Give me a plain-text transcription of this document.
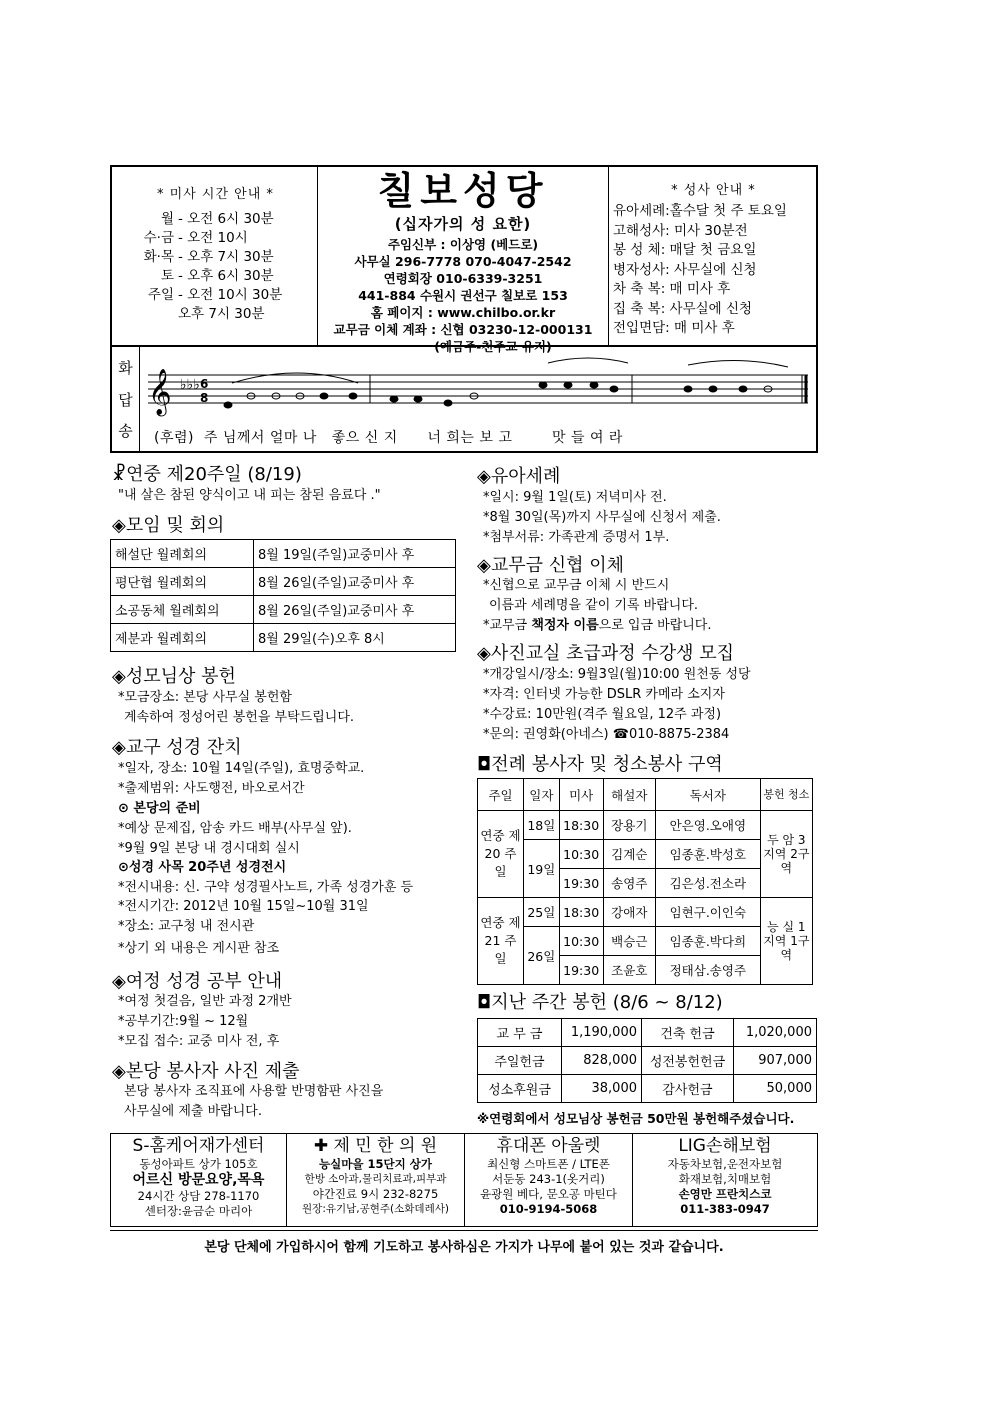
* 미사 시간 안내 *
월 - 오전 6시 30분
수·금 - 오전 10시
화·목 - 오후 7시 30분
토 - 오후 6시 30분
주일 - 오전 10시 30분
오후 7시 30분
칠보성당
(십자가의 성 요한)
주임신부 : 이상영 (베드로)
사무실 296-7778 070-4047-2542
연령회장 010-6339-3251
441-884 수원시 권선구 칠보로 153
홈 페이지 : www.chilbo.or.kr
교무금 이체 계좌 : 신협 03230-12-000131
(예금주-천주교 유지)
* 성사 안내 *
유아세례:홀수달 첫 주 토요일
고해성사: 미사 30분전
봉 성 체: 매달 첫 금요일
병자성사: 사무실에 신청
차 축 복: 매 미사 후
집 축 복: 사무실에 신청
전입면담: 매 미사 후
화
답
송
𝄞 ♭♭♭ 6
8
(후렴)  주 님께서 얼마 나   좋으 신 지      너 희는 보 고        맛 들 여 라
☧연중 제20주일 (8/19)
"내 살은 참된 양식이고 내 피는 참된 음료다 ."
◈모임 및 회의
해설단 월례회의	8월 19일(주일)교중미사 후
평단협 월례회의	8월 26일(주일)교중미사 후
소공동체 월례회의	8월 26일(주일)교중미사 후
제분과 월례회의	8월 29일(수)오후 8시
◈성모님상 봉헌
*모금장소: 본당 사무실 봉헌함
계속하여 정성어린 봉헌을 부탁드립니다.
◈교구 성경 잔치
*일자, 장소: 10월 14일(주일), 효명중학교.
*출제범위: 사도행전, 바오로서간
⊙ 본당의 준비
*예상 문제집, 암송 카드 배부(사무실 앞).
*9월 9일 본당 내 경시대회 실시
⊙성경 사목 20주년 성경전시
*전시내용: 신. 구약 성경필사노트, 가족 성경가훈 등
*전시기간: 2012년 10월 15일~10월 31일
*장소: 교구청 내 전시관
*상기 외 내용은 게시판 참조
◈여정 성경 공부 안내
*여정 첫걸음, 일반 과정 2개반
*공부기간:9월 ~ 12월
*모집 접수: 교중 미사 전, 후
◈본당 봉사자 사진 제출
본당 봉사자 조직표에 사용할 반명함판 사진을
사무실에 제출 바랍니다.
◈유아세례
*일시: 9월 1일(토) 저녁미사 전.
*8월 30일(목)까지 사무실에 신청서 제출.
*첨부서류: 가족관계 증명서 1부.
◈교무금 신협 이체
*신협으로 교무금 이체 시 반드시
이름과 세례명을 같이 기록 바랍니다.
*교무금 책정자 이름으로 입금 바랍니다.
◈사진교실 초급과정 수강생 모집
*개강일시/장소: 9월3일(월)10:00 원천동 성당
*자격: 인터넷 가능한 DSLR 카메라 소지자
*수강료: 10만원(격주 월요일, 12주 과정)
*문의: 권영화(아네스) ☎010-8875-2384
◘전례 봉사자 및 청소봉사 구역
주일	일자	미사	해설자	독서자	봉헌 청소
연중 제20 주일	18일	18:30	장용기	안은영.오애영	두 암 3지역 2구역
	19일	10:30	김계순	임종훈.박성호	
		19:30	송영주	김은성.전소라	
연중 제21 주일	25일	18:30	강애자	임현구.이인숙	능 실 1지역 1구역
	26일	10:30	백승근	임종훈.박다희	
		19:30	조윤호	정태삼.송영주	
◘지난 주간 봉헌 (8/6 ~ 8/12)
교 무 금	1,190,000	건축 헌금	1,020,000
주일헌금	828,000	성전봉헌헌금	907,000
성소후원금	38,000	감사헌금	50,000
※연령회에서 성모님상 봉헌금 50만원 봉헌해주셨습니다.
S-홈케어재가센터
동성아파트 상가 105호
어르신 방문요양,목욕
24시간 상담 278-1170
센터장:윤금순 마리아
✚ 제 민 한 의 원
능실마을 15단지 상가
한방 소아과,물리치료과,피부과
야간진료 9시 232-8275
원장:유기남,공현주(소화데레사)
휴대폰 아울렛
최신형 스마트폰 / LTE폰
서둔동 243-1(옷거리)
윤광원 베다, 문오공 마틴다
010-9194-5068
LIG손해보험
자동차보험,운전자보험
화재보험,치매보험
손영만 프란치스코
011-383-0947
본당 단체에 가입하시어 함께 기도하고 봉사하심은 가지가 나무에 붙어 있는 것과 같습니다.
